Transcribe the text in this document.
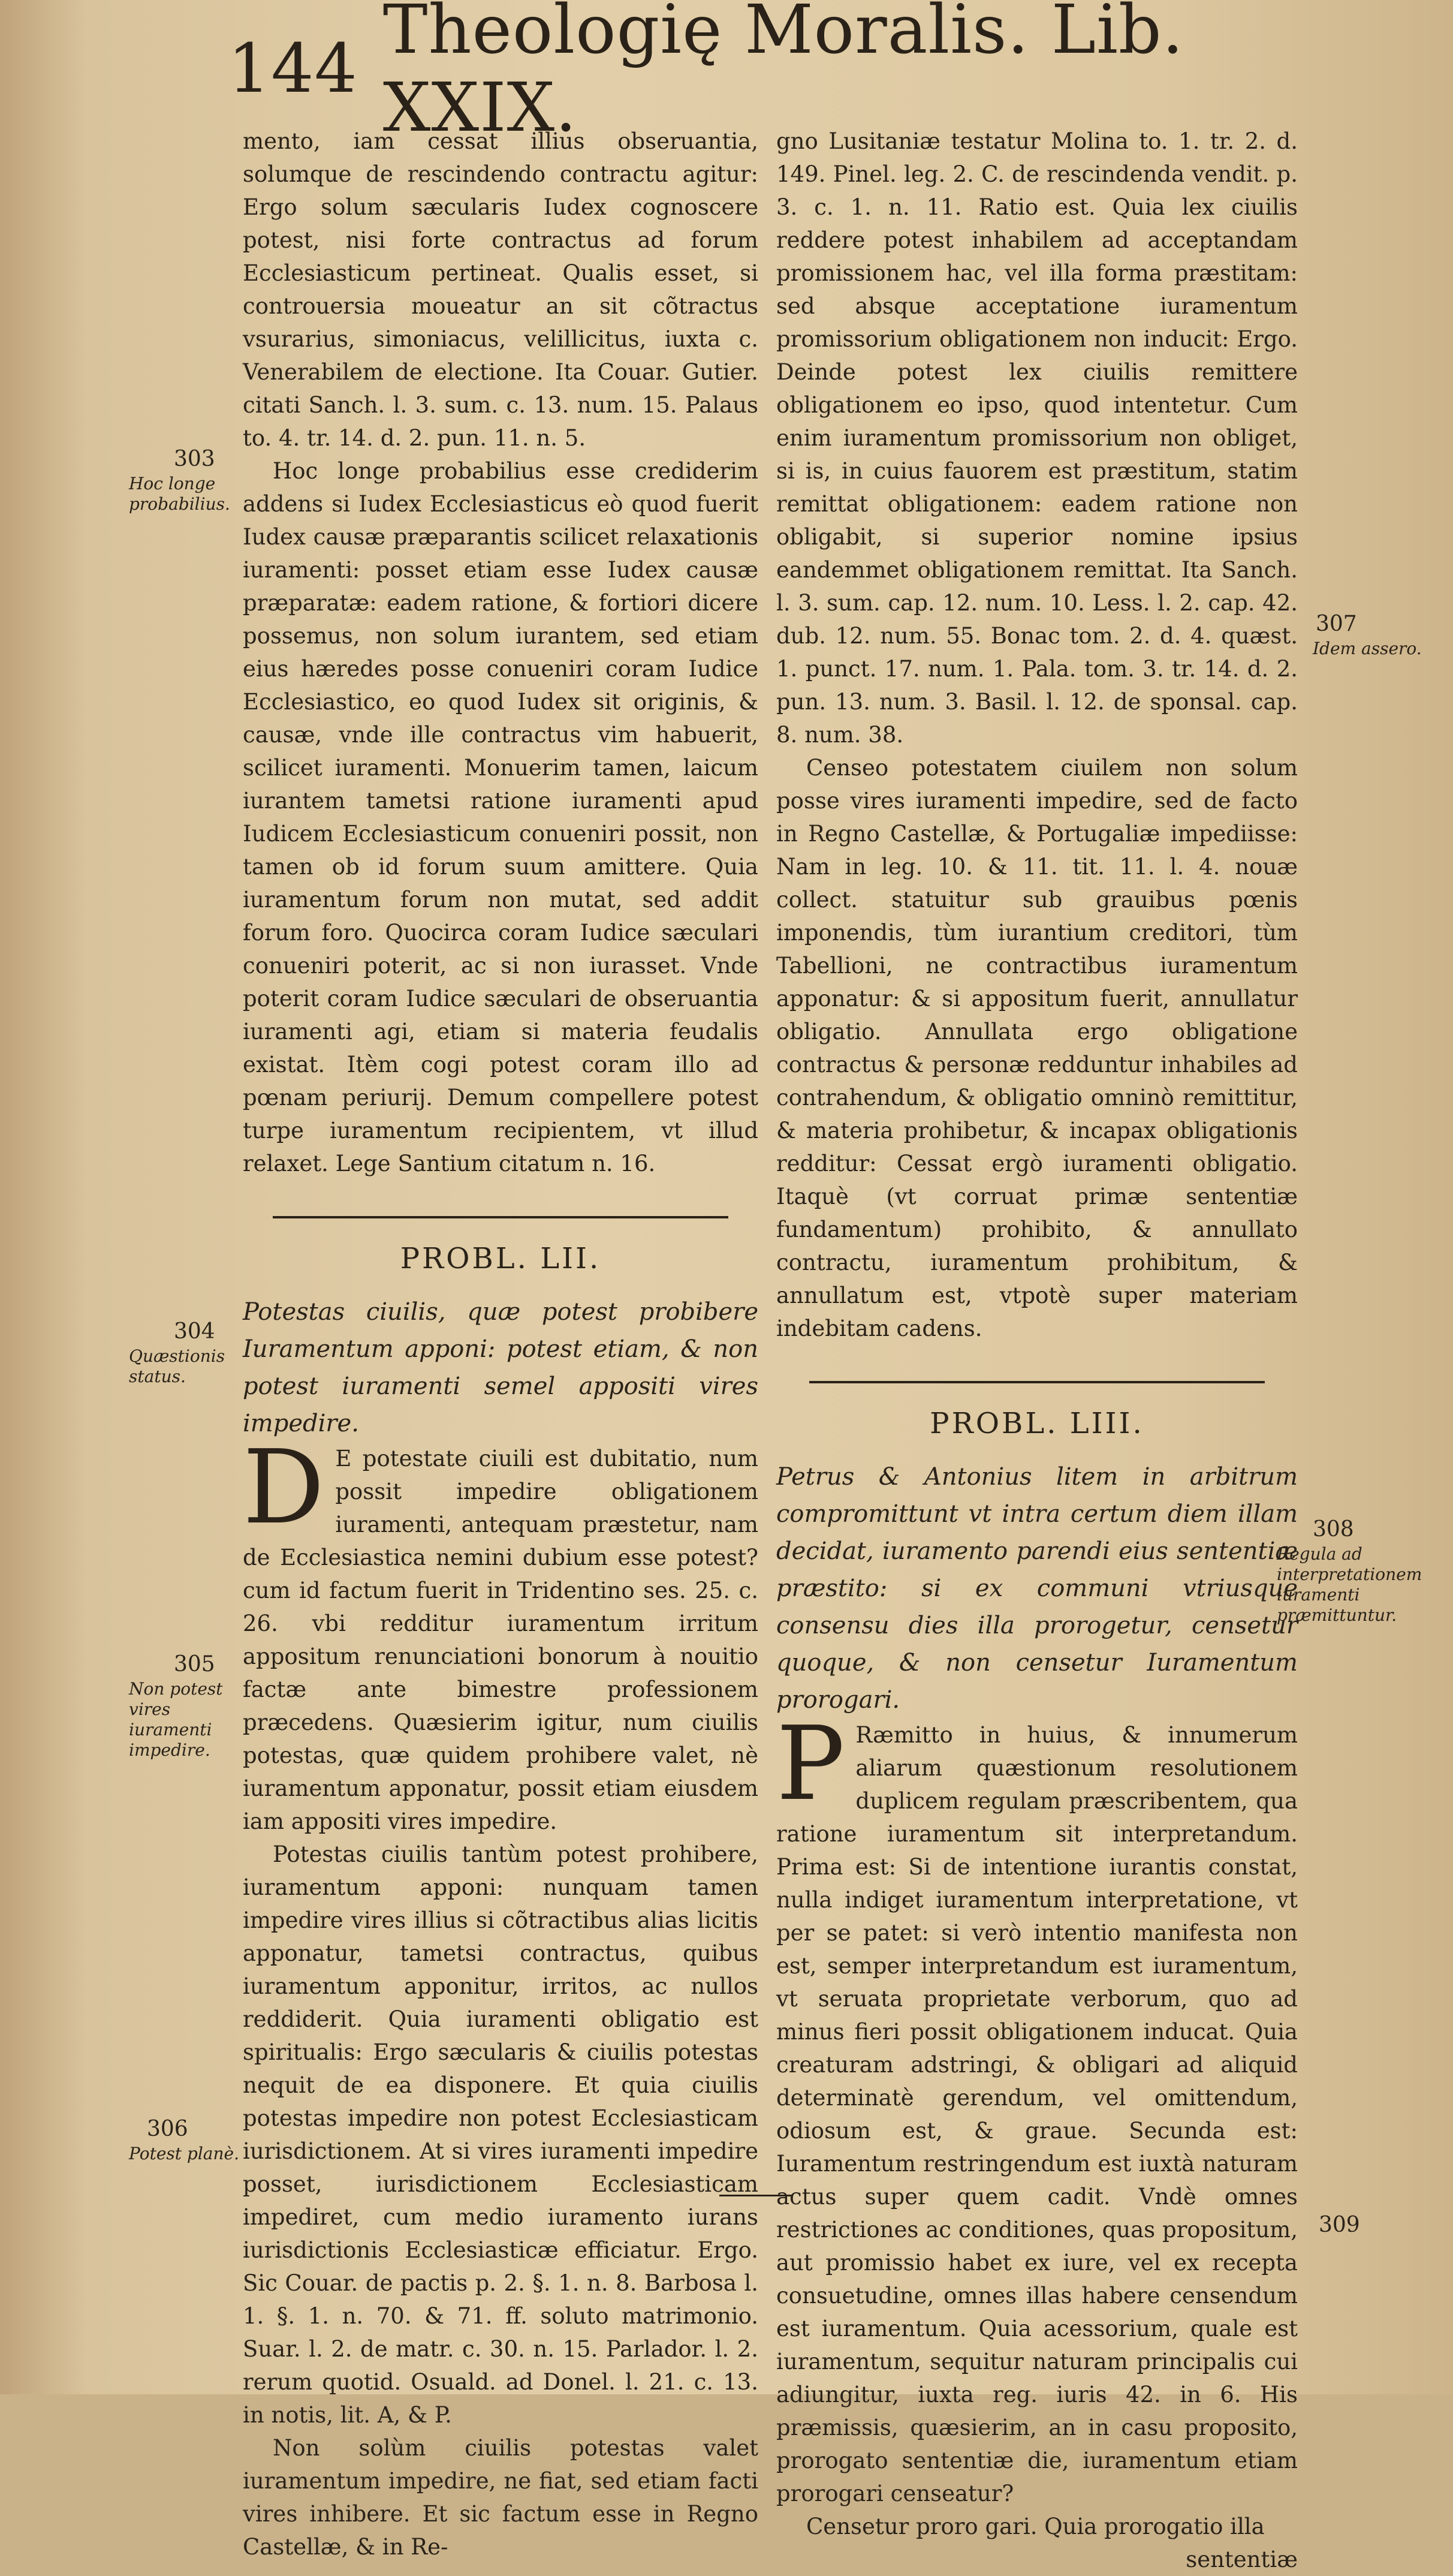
144 Theologię Moralis. Lib. XXIX.
303
Hoc longe probabilius.
304
Quæstionis status.
305
Non potest vires iuramenti impedire.
306
Potest planè.
307
Idem assero.
308
Regula ad interpretationem iuramenti præmittuntur.
309

mento, iam cessat illius obseruantia, solumque de rescindendo contractu agitur: Ergo solum sæcularis Iudex cognoscere potest, nisi forte contractus ad forum Ecclesiasticum pertineat. Qualis esset, si controuersia moueatur an sit cõtractus vsurarius, simoniacus, velillicitus, iuxta c. Venerabilem de electione. Ita Couar. Gutier. citati Sanch. l. 3. sum. c. 13. num. 15. Palaus to. 4. tr. 14. d. 2. pun. 11. n. 5.

Hoc longe probabilius esse crediderim addens si Iudex Ecclesiasticus eò quod fuerit Iudex causæ præparantis scilicet relaxationis iuramenti: posset etiam esse Iudex causæ præparatæ: eadem ratione, & fortiori dicere possemus, non solum iurantem, sed etiam eius hæredes posse conueniri coram Iudice Ecclesiastico, eo quod Iudex sit originis, & causæ, vnde ille contractus vim habuerit, scilicet iuramenti. Monuerim tamen, laicum iurantem tametsi ratione iuramenti apud Iudicem Ecclesiasticum conueniri possit, non tamen ob id forum suum amittere. Quia iuramentum forum non mutat, sed addit forum foro. Quocirca coram Iudice sæculari conueniri poterit, ac si non iurasset. Vnde poterit coram Iudice sæculari de obseruantia iuramenti agi, etiam si materia feudalis existat. Itèm cogi potest coram illo ad pœnam periurij. Demum compellere potest turpe iuramentum recipientem, vt illud relaxet. Lege Santium citatum n. 16.

PROBL. LII.

Potestas ciuilis, quæ potest probibere Iuramentum apponi: potest etiam, & non potest iuramenti semel appositi vires impedire.

D E potestate ciuili est dubitatio, num possit impedire obligationem iuramenti, antequam præstetur, nam de Ecclesiastica nemini dubium esse potest? cum id factum fuerit in Tridentino ses. 25. c. 26. vbi redditur iuramentum irritum appositum renunciationi bonorum à nouitio factæ ante bimestre professionem præcedens. Quæsierim igitur, num ciuilis potestas, quæ quidem prohibere valet, nè iuramentum apponatur, possit etiam eiusdem iam appositi vires impedire.

Potestas ciuilis tantùm potest prohibere, iuramentum apponi: nunquam tamen impedire vires illius si cõtractibus alias licitis apponatur, tametsi contractus, quibus iuramentum apponitur, irritos, ac nullos reddiderit. Quia iuramenti obligatio est spiritualis: Ergo sæcularis & ciuilis potestas nequit de ea disponere. Et quia ciuilis potestas impedire non potest Ecclesiasticam iurisdictionem. At si vires iuramenti impedire posset, iurisdictionem Ecclesiasticam impediret, cum medio iuramento iurans iurisdictionis Ecclesiasticæ efficiatur. Ergo. Sic Couar. de pactis p. 2. §. 1. n. 8. Barbosa l. 1. §. 1. n. 70. & 71. ff. soluto matrimonio. Suar. l. 2. de matr. c. 30. n. 15. Parlador. l. 2. rerum quotid. Osuald. ad Donel. l. 21. c. 13. in notis, lit. A, & P.

Non solùm ciuilis potestas valet iuramentum impedire, ne fiat, sed etiam facti vires inhibere. Et sic factum esse in Regno Castellæ, & in Re-

gno Lusitaniæ testatur Molina to. 1. tr. 2. d. 149. Pinel. leg. 2. C. de rescindenda vendit. p. 3. c. 1. n. 11. Ratio est. Quia lex ciuilis reddere potest inhabilem ad acceptandam promissionem hac, vel illa forma præstitam: sed absque acceptatione iuramentum promissorium obligationem non inducit: Ergo. Deinde potest lex ciuilis remittere obligationem eo ipso, quod intentetur. Cum enim iuramentum promissorium non obliget, si is, in cuius fauorem est præstitum, statim remittat obligationem: eadem ratione non obligabit, si superior nomine ipsius eandemmet obligationem remittat. Ita Sanch. l. 3. sum. cap. 12. num. 10. Less. l. 2. cap. 42. dub. 12. num. 55. Bonac tom. 2. d. 4. quæst. 1. punct. 17. num. 1. Pala. tom. 3. tr. 14. d. 2. pun. 13. num. 3. Basil. l. 12. de sponsal. cap. 8. num. 38.

Censeo potestatem ciuilem non solum posse vires iuramenti impedire, sed de facto in Regno Castellæ, & Portugaliæ impediisse: Nam in leg. 10. & 11. tit. 11. l. 4. nouæ collect. statuitur sub grauibus pœnis imponendis, tùm iurantium creditori, tùm Tabellioni, ne contractibus iuramentum apponatur: & si appositum fuerit, annullatur obligatio. Annullata ergo obligatione contractus & personæ redduntur inhabiles ad contrahendum, & obligatio omninò remittitur, & materia prohibetur, & incapax obligationis redditur: Cessat ergò iuramenti obligatio. Itaquè (vt corruat primæ sententiæ fundamentum) prohibito, & annullato contractu, iuramentum prohibitum, & annullatum est, vtpotè super materiam indebitam cadens.

PROBL. LIII.

Petrus & Antonius litem in arbitrum compromittunt vt intra certum diem illam decidat, iuramento parendi eius sententiæ præstito: si ex communi vtriusque consensu dies illa prorogetur, censetur quoque, & non censetur Iuramentum prorogari.

P Ræmitto in huius, & innumerum aliarum quæstionum resolutionem duplicem regulam præscribentem, qua ratione iuramentum sit interpretandum. Prima est: Si de intentione iurantis constat, nulla indiget iuramentum interpretatione, vt per se patet: si verò intentio manifesta non est, semper interpretandum est iuramentum, vt seruata proprietate verborum, quo ad minus fieri possit obligationem inducat. Quia creaturam adstringi, & obligari ad aliquid determinatè gerendum, vel omittendum, odiosum est, & graue. Secunda est: Iuramentum restringendum est iuxtà naturam actus super quem cadit. Vndè omnes restrictiones ac conditiones, quas propositum, aut promissio habet ex iure, vel ex recepta consuetudine, omnes illas habere censendum est iuramentum. Quia acessorium, quale est iuramentum, sequitur naturam principalis cui adiungitur, iuxta reg. iuris 42. in 6. His præmissis, quæsierim, an in casu proposito, prorogato sententiæ die, iuramentum etiam prorogari censeatur?

Censetur proro gari. Quia prorogatio illa

sententiæ
